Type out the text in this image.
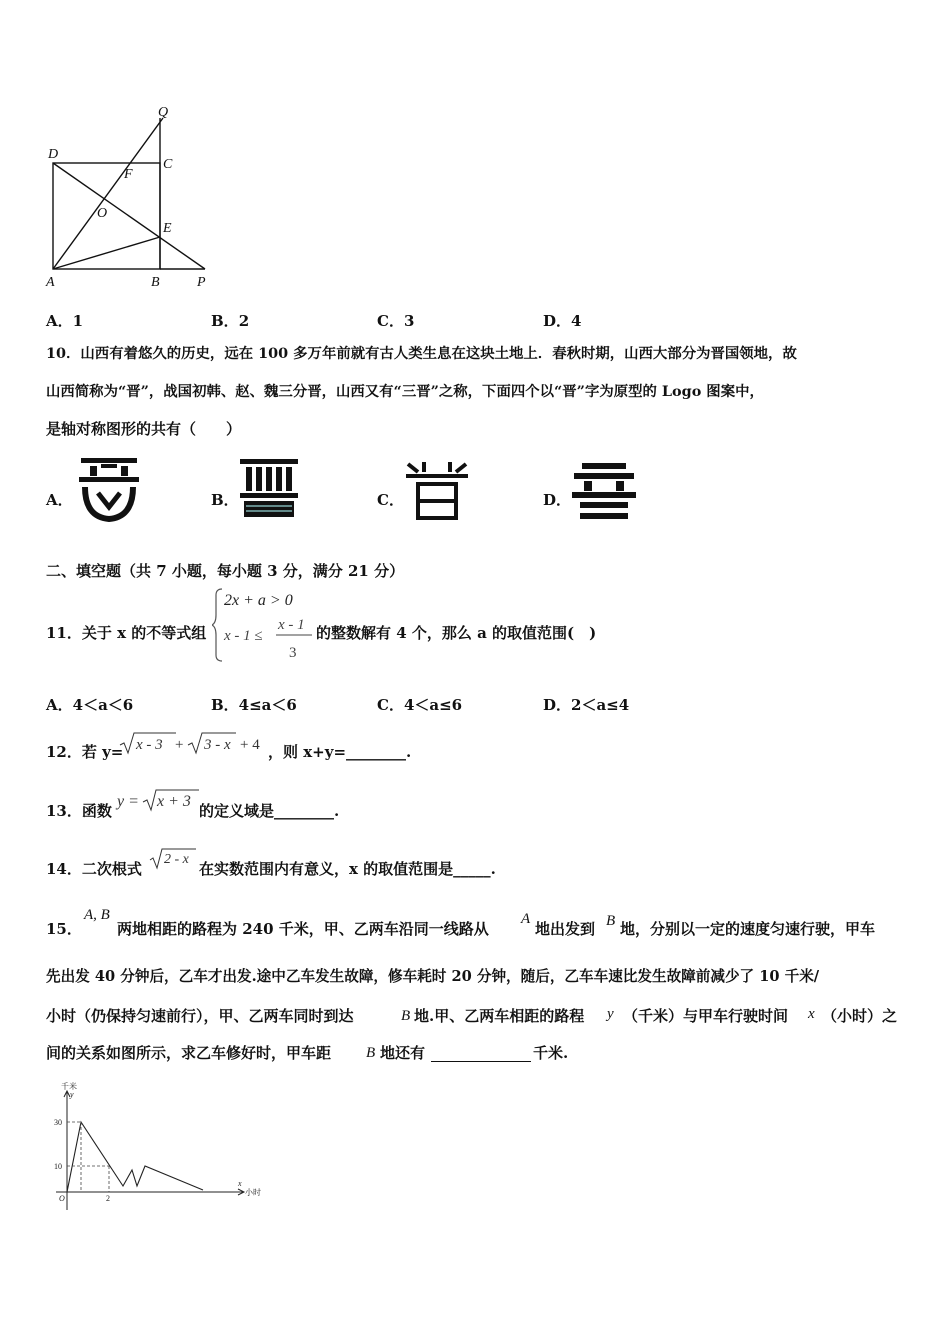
Q
D
C
F
O
E
A	B	P
A．1	B．2	C．3	D．4
10．山西有着悠久的历史，远在 100 多万年前就有古人类生息在这块土地上．春秋时期，山西大部分为晋国领地，故
山西简称为“晋”，战国初韩、赵、魏三分晋，山西又有“三晋”之称，下面四个以“晋”字为原型的 Logo 图案中，
是轴对称图形的共有（　　）
A．	B．	C．	D．
二、填空题（共 7 小题，每小题 3 分，满分 21 分）
11．关于 x 的不等式组
2x + a > 0
x - 1 ≤
x - 1
3
的整数解有 4 个，那么 a 的取值范围(　)
A．4＜a＜6	B．4≤a＜6	C．4＜a≤6	D．2＜a≤4
12．若 y= x - 3 + 3 - x + 4 ，则 x+y=________.
13．函数
y = x + 3
的定义域是________.
14．二次根式
2 - x
在实数范围内有意义，x 的取值范围是_____.
15．
A, B
两地相距的路程为 240 千米，甲、乙两车沿同一线路从
A
地出发到 B 地，分别以一定的速度匀速行驶，甲车
先出发 40 分钟后，乙车才出发.途中乙车发生故障，修车耗时 20 分钟，随后，乙车车速比发生故障前减少了 10 千米/
小时（仍保持匀速前行），甲、乙两车同时到达	B 地.甲、乙两车相距的路程 y （千米）与甲车行驶时间 x （小时）之
间的关系如图所示，求乙车修好时，甲车距 B 地还有	千米.
千米
y
30
10
O	2
x
小时
